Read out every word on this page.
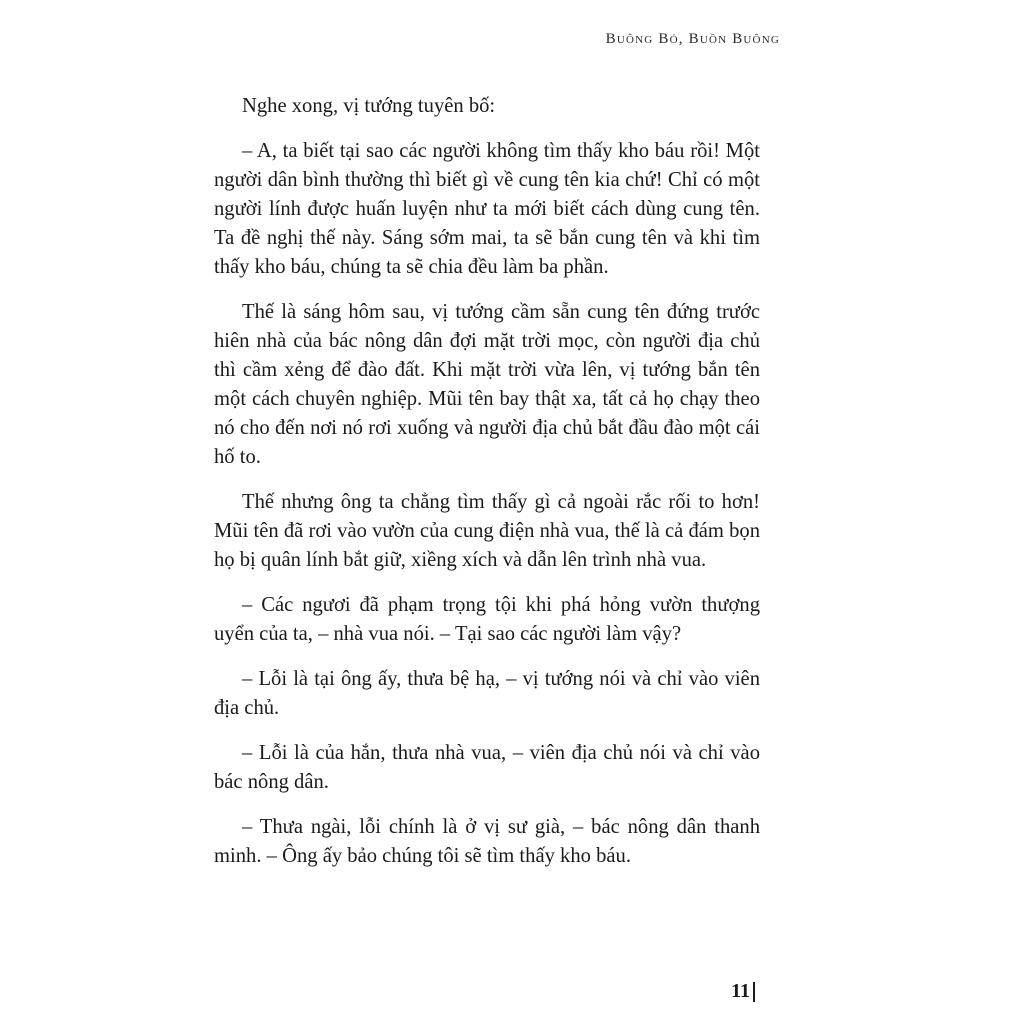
Buông Bỏ, Buồn Buông

Nghe xong, vị tướng tuyên bố:

– A, ta biết tại sao các người không tìm thấy kho báu rồi! Một người dân bình thường thì biết gì về cung tên kia chứ! Chỉ có một người lính được huấn luyện như ta mới biết cách dùng cung tên. Ta đề nghị thế này. Sáng sớm mai, ta sẽ bắn cung tên và khi tìm thấy kho báu, chúng ta sẽ chia đều làm ba phần.

Thế là sáng hôm sau, vị tướng cầm sẵn cung tên đứng trước hiên nhà của bác nông dân đợi mặt trời mọc, còn người địa chủ thì cầm xẻng để đào đất. Khi mặt trời vừa lên, vị tướng bắn tên một cách chuyên nghiệp. Mũi tên bay thật xa, tất cả họ chạy theo nó cho đến nơi nó rơi xuống và người địa chủ bắt đầu đào một cái hố to.

Thế nhưng ông ta chẳng tìm thấy gì cả ngoài rắc rối to hơn! Mũi tên đã rơi vào vườn của cung điện nhà vua, thế là cả đám bọn họ bị quân lính bắt giữ, xiềng xích và dẫn lên trình nhà vua.

– Các ngươi đã phạm trọng tội khi phá hỏng vườn thượng uyển của ta, – nhà vua nói. – Tại sao các người làm vậy?

– Lỗi là tại ông ấy, thưa bệ hạ, – vị tướng nói và chỉ vào viên địa chủ.

– Lỗi là của hắn, thưa nhà vua, – viên địa chủ nói và chỉ vào bác nông dân.

– Thưa ngài, lỗi chính là ở vị sư già, – bác nông dân thanh minh. – Ông ấy bảo chúng tôi sẽ tìm thấy kho báu.

11
